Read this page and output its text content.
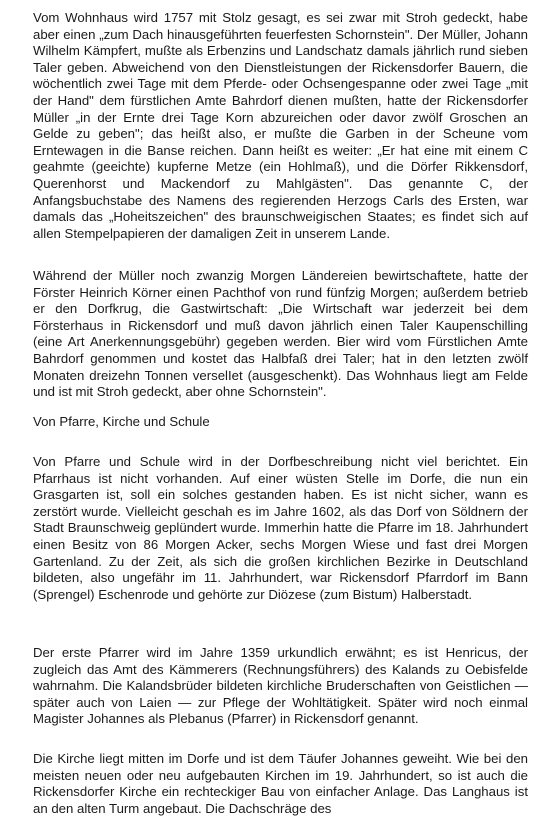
Vom Wohnhaus wird 1757 mit Stolz gesagt, es sei zwar mit Stroh gedeckt, habe aber einen „zum Dach hinausgeführten feuerfesten Schornstein". Der Müller, Johann Wilhelm Kämpfert, mußte als Erbenzins und Landschatz damals jährlich rund sieben Taler geben. Abweichend von den Dienstleistungen der Rickensdorfer Bauern, die wöchentlich zwei Tage mit dem Pferde- oder Ochsengespanne oder zwei Tage „mit der Hand" dem fürstlichen Amte Bahrdorf dienen mußten, hatte der Rickensdorfer Müller „in der Ernte drei Tage Korn abzureichen oder davor zwölf Groschen an Gelde zu geben"; das heißt also, er mußte die Garben in der Scheune vom Erntewagen in die Banse reichen. Dann heißt es weiter: „Er hat eine mit einem C geahmte (geeichte) kupferne Metze (ein Hohlmaß), und die Dörfer Rikkensdorf, Querenhorst und Mackendorf zu Mahlgästen". Das genannte C, der Anfangsbuchstabe des Namens des regierenden Herzogs Carls des Ersten, war damals das „Hoheitszeichen" des braunschweigischen Staates; es findet sich auf allen Stempelpapieren der damaligen Zeit in unserem Lande.

Während der Müller noch zwanzig Morgen Ländereien bewirtschaftete, hatte der Förster Heinrich Körner einen Pachthof von rund fünfzig Morgen; außerdem betrieb er den Dorfkrug, die Gastwirtschaft: „Die Wirtschaft war jederzeit bei dem Försterhaus in Rickensdorf und muß davon jährlich einen Taler Kaupenschilling (eine Art Anerkennungsgebühr) gegeben werden. Bier wird vom Fürstlichen Amte Bahrdorf genommen und kostet das Halbfaß drei Taler; hat in den letzten zwölf Monaten dreizehn Tonnen verselIet (ausgeschenkt). Das Wohnhaus liegt am Felde und ist mit Stroh gedeckt, aber ohne Schornstein".

Von Pfarre, Kirche und Schule

Von Pfarre und Schule wird in der Dorfbeschreibung nicht viel berichtet. Ein Pfarrhaus ist nicht vorhanden. Auf einer wüsten Stelle im Dorfe, die nun ein Grasgarten ist, soll ein solches gestanden haben. Es ist nicht sicher, wann es zerstört wurde. Vielleicht geschah es im Jahre 1602, als das Dorf von Söldnern der Stadt Braunschweig geplündert wurde. Immerhin hatte die Pfarre im 18. Jahrhundert einen Besitz von 86 Morgen Acker, sechs Morgen Wiese und fast drei Morgen Gartenland. Zu der Zeit, als sich die großen kirchlichen Bezirke in Deutschland bildeten, also ungefähr im 11. Jahrhundert, war Rickensdorf Pfarrdorf im Bann (Sprengel) Eschenrode und gehörte zur Diözese (zum Bistum) Halberstadt.

Der erste Pfarrer wird im Jahre 1359 urkundlich erwähnt; es ist Henricus, der zugleich das Amt des Kämmerers (Rechnungsführers) des Kalands zu Oebisfelde wahrnahm. Die Kalandsbrüder bildeten kirchliche Bruderschaften von Geistlichen — später auch von Laien — zur Pflege der Wohltätigkeit. Später wird noch einmal Magister Johannes als Plebanus (Pfarrer) in Rickensdorf genannt.

Die Kirche liegt mitten im Dorfe und ist dem Täufer Johannes geweiht. Wie bei den meisten neuen oder neu aufgebauten Kirchen im 19. Jahrhundert, so ist auch die Rickensdorfer Kirche ein rechteckiger Bau von einfacher Anlage. Das Langhaus ist an den alten Turm angebaut. Die Dachschräge des
